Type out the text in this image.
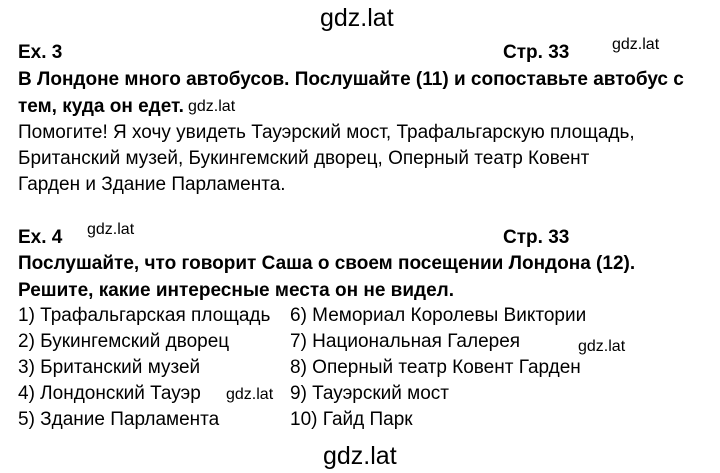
gdz.lat
Ex. 3	Стр. 33	gdz.lat
В Лондоне много автобусов. Послушайте (11) и сопоставьте автобус с
тем, куда он едет. gdz.lat
Помогите! Я хочу увидеть Тауэрский мост, Трафальгарскую площадь,
Британский музей, Букингемский дворец, Оперный театр Ковент
Гарден и Здание Парламента.
Ex. 4 gdz.lat	Стр. 33
Послушайте, что говорит Саша о своем посещении Лондона (12).
Решите, какие интересные места он не видел.
1) Трафальгарская площадь
2) Букингемский дворец
3) Британский музей
4) Лондонский Тауэр
5) Здание Парламента
6) Мемориал Королевы Виктории
7) Национальная Галерея
8) Оперный театр Ковент Гарден
9) Тауэрский мост
10) Гайд Парк
gdz.lat
gdz.lat
gdz.lat
